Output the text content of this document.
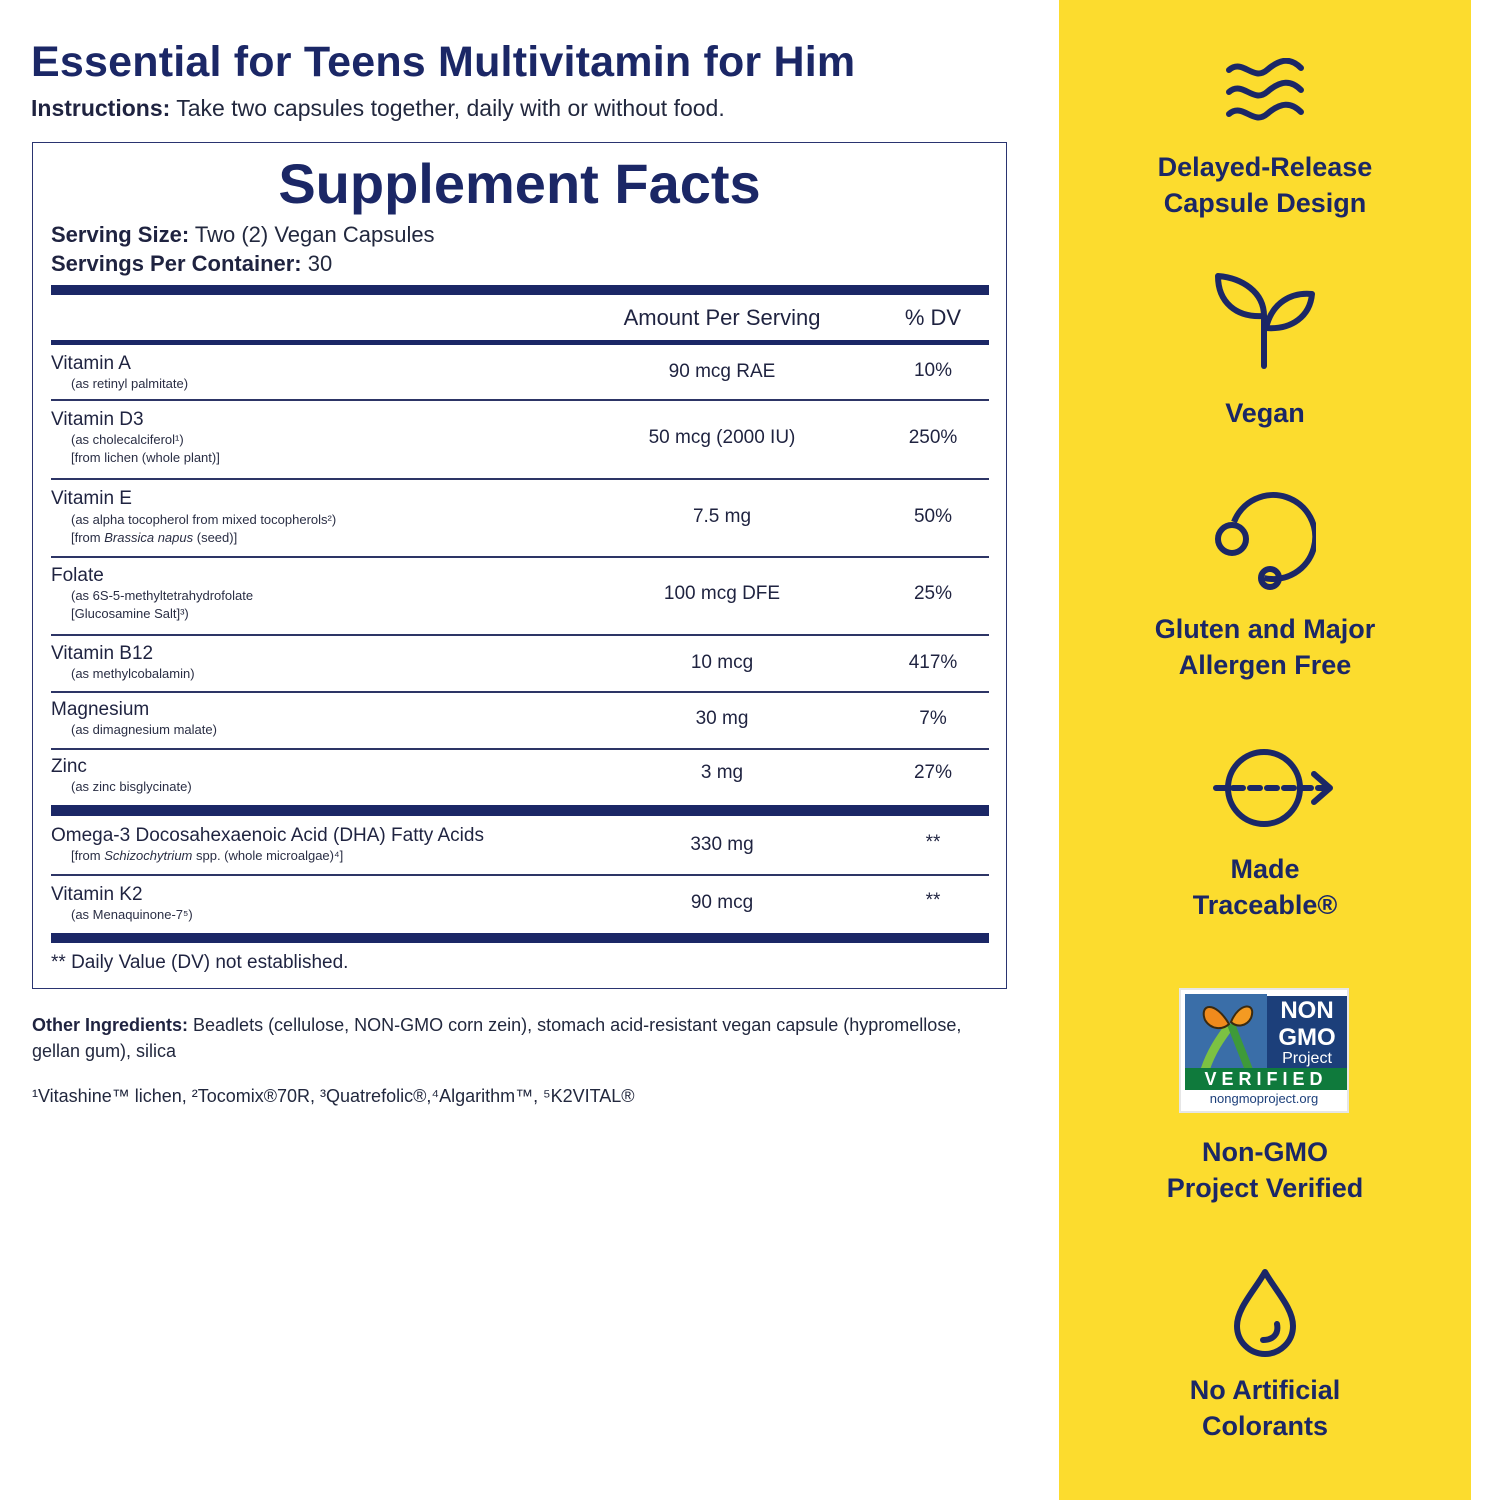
Essential for Teens Multivitamin for Him
Instructions: Take two capsules together, daily with or without food.
Supplement Facts
Serving Size: Two (2) Vegan Capsules
Servings Per Container: 30
Amount Per Serving	% DV
Vitamin A
(as retinyl palmitate)
90 mcg RAE	10%
Vitamin D3
(as cholecalciferol¹)
[from lichen (whole plant)]
50 mcg (2000 IU)	250%
Vitamin E
(as alpha tocopherol from mixed tocopherols²)
[from Brassica napus (seed)]
7.5 mg	50%
Folate
(as 6S-5-methyltetrahydrofolate
[Glucosamine Salt]³)
100 mcg DFE	25%
Vitamin B12
(as methylcobalamin)
10 mcg	417%
Magnesium
(as dimagnesium malate)
30 mg	7%
Zinc
(as zinc bisglycinate)
3 mg	27%
Omega-3 Docosahexaenoic Acid (DHA) Fatty Acids
[from Schizochytrium spp. (whole microalgae)⁴]
330 mg	**
Vitamin K2
(as Menaquinone-7⁵)
90 mcg	**
** Daily Value (DV) not established.
Other Ingredients: Beadlets (cellulose, NON-GMO corn zein), stomach acid-resistant vegan capsule (hypromellose, gellan gum), silica
¹Vitashine™ lichen, ²Tocomix®70R, ³Quatrefolic®,⁴Algarithm™, ⁵K2VITAL®
Delayed-Release
Capsule Design
Vegan
Gluten and Major
Allergen Free
Made
Traceable®
NON
GMO
Project
VERIFIED
nongmoproject.org
Non-GMO
Project Verified
No Artificial
Colorants
